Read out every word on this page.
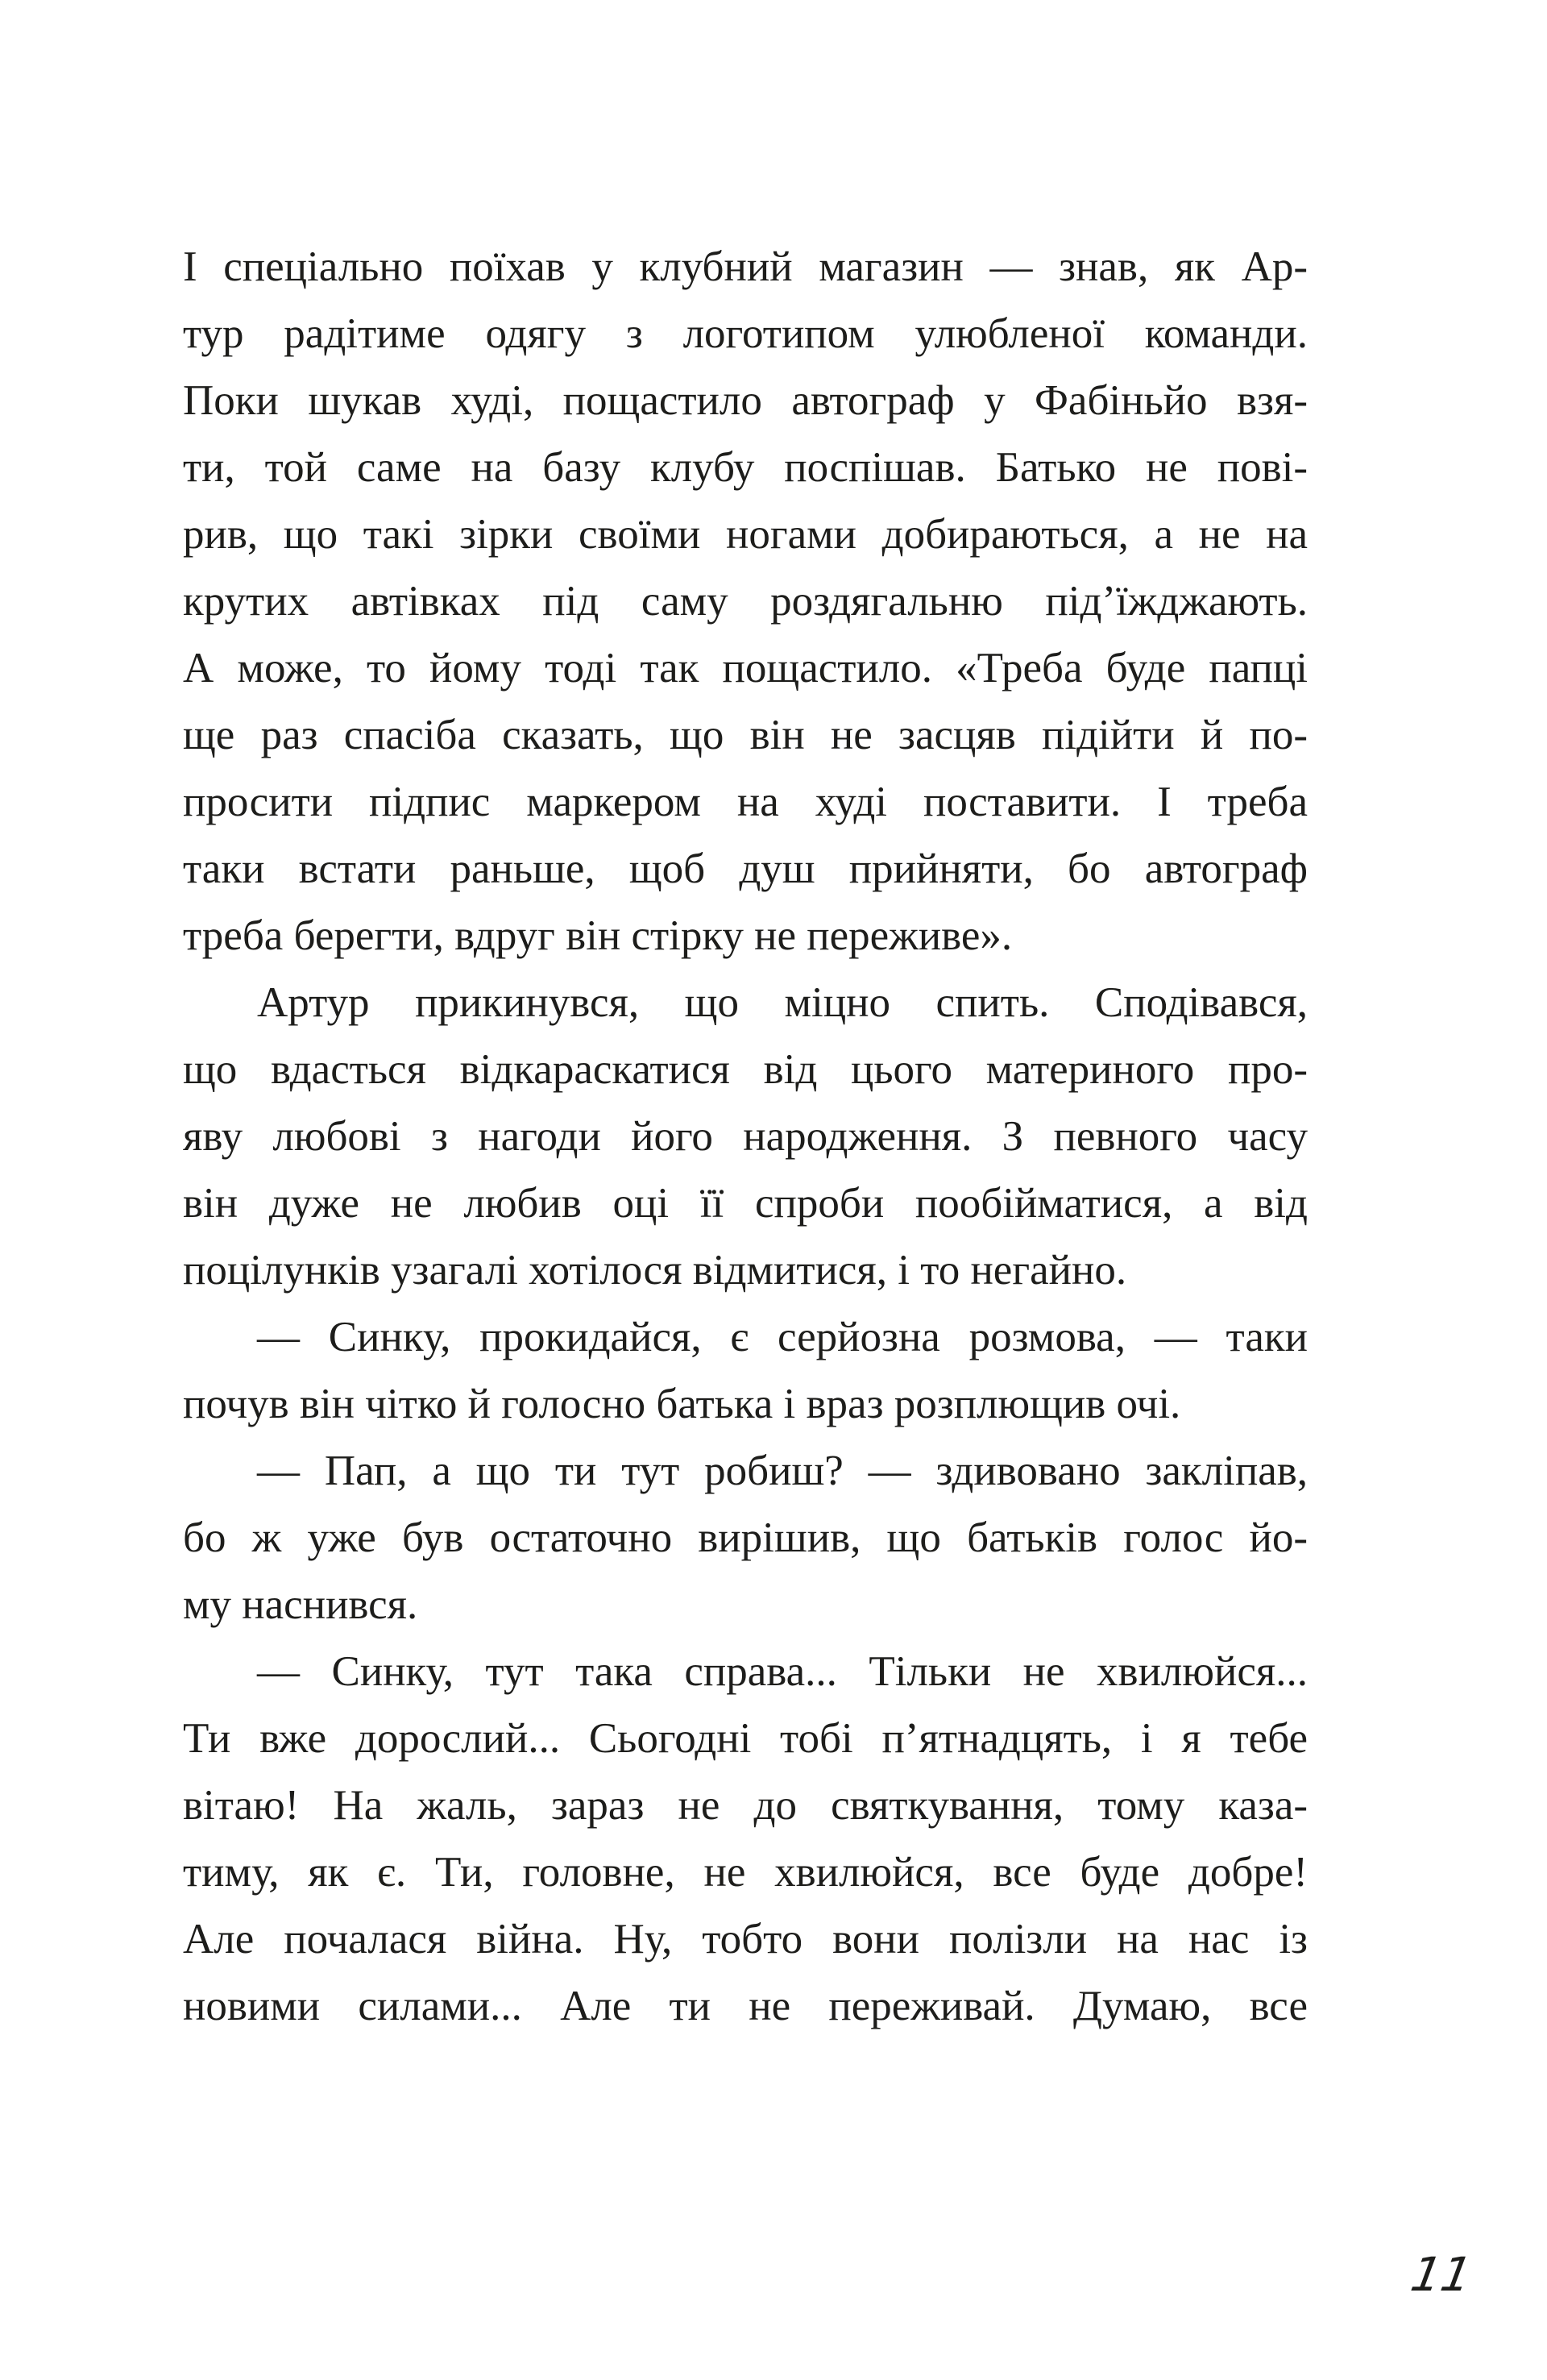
І спеціально поїхав у клубний магазин — знав, як Ар-
тур радітиме одягу з логотипом улюбленої команди.
Поки шукав худі, пощастило автограф у Фабіньйо взя-
ти, той саме на базу клубу поспішав. Батько не пові-
рив, що такі зірки своїми ногами добираються, а не на
крутих автівках під саму роздягальню під’їжджають.
А може, то йому тоді так пощастило. «Треба буде папці
ще раз спасіба сказать, що він не засцяв підійти й по-
просити підпис маркером на худі поставити. І треба
таки встати раньше, щоб душ прийняти, бо автограф
треба берегти, вдруг він стірку не переживе».
Артур прикинувся, що міцно спить. Сподівався,
що вдасться відкараскатися від цього материного про-
яву любові з нагоди його народження. З певного часу
він дуже не любив оці її спроби пообійматися, а від
поцілунків узагалі хотілося відмитися, і то негайно.
— Синку, прокидайся, є серйозна розмова, — таки
почув він чітко й голосно батька і враз розплющив очі.
— Пап, а що ти тут робиш? — здивовано закліпав,
бо ж уже був остаточно вирішив, що батьків голос йо-
му наснився.
— Синку, тут така справа... Тільки не хвилюйся...
Ти вже дорослий... Сьогодні тобі п’ятнадцять, і я тебе
вітаю! На жаль, зараз не до святкування, тому каза-
тиму, як є. Ти, головне, не хвилюйся, все буде добре!
Але почалася війна. Ну, тобто вони полізли на нас із
новими силами... Але ти не переживай. Думаю, все
11
